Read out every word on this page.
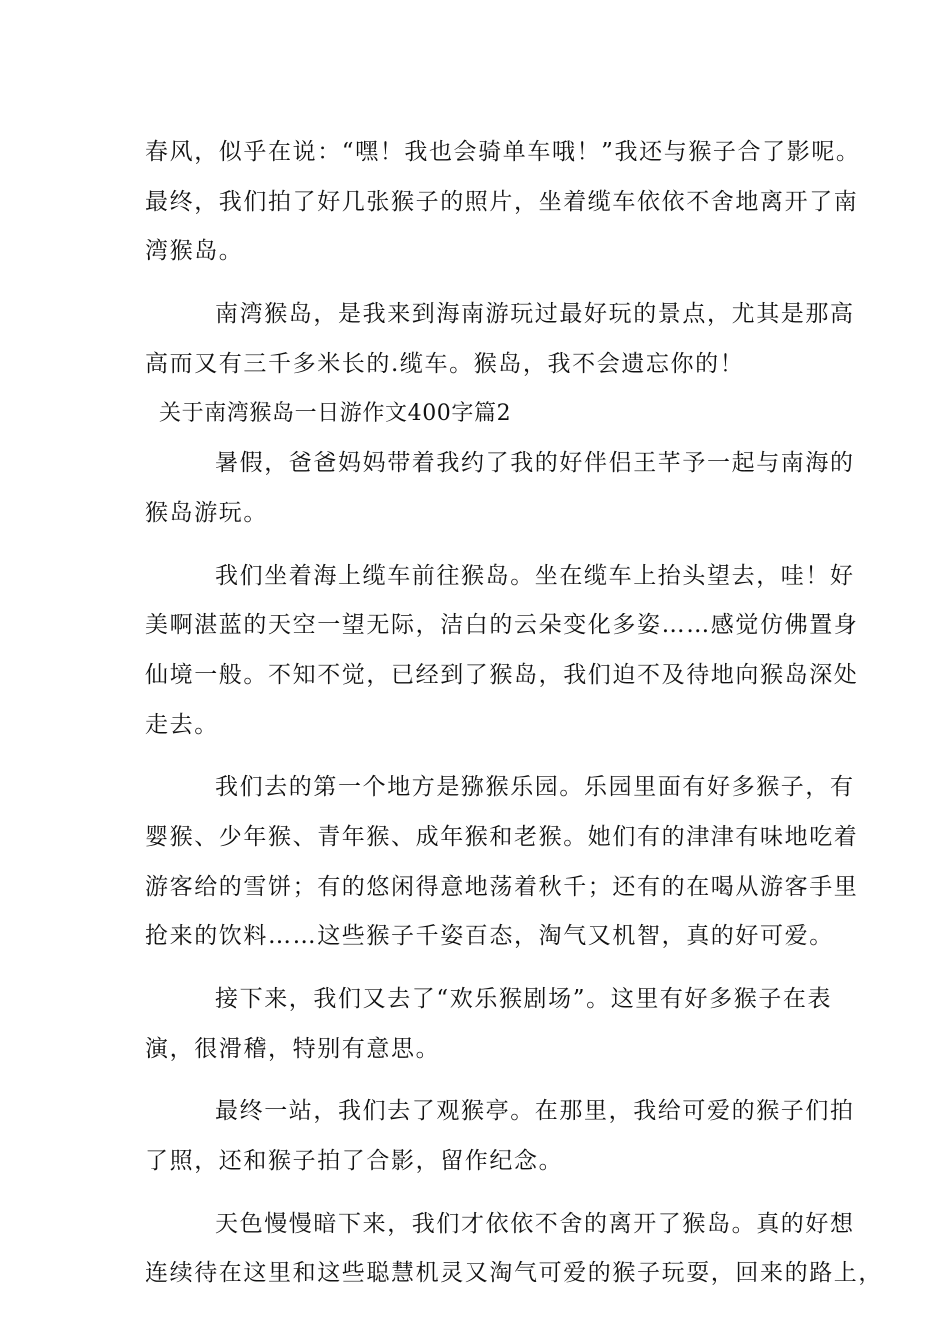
春风，似乎在说：“嘿！我也会骑单车哦！”我还与猴子合了影呢。
最终，我们拍了好几张猴子的照片，坐着缆车依依不舍地离开了南
湾猴岛。
南湾猴岛，是我来到海南游玩过最好玩的景点，尤其是那高
高而又有三千多米长的.缆车。猴岛，我不会遗忘你的！
关于南湾猴岛一日游作文400字篇2
暑假，爸爸妈妈带着我约了我的好伴侣王芊予一起与南海的
猴岛游玩。
我们坐着海上缆车前往猴岛。坐在缆车上抬头望去，哇！好
美啊湛蓝的天空一望无际，洁白的云朵变化多姿……感觉仿佛置身
仙境一般。不知不觉，已经到了猴岛，我们迫不及待地向猴岛深处
走去。
我们去的第一个地方是猕猴乐园。乐园里面有好多猴子，有
婴猴、少年猴、青年猴、成年猴和老猴。她们有的津津有味地吃着
游客给的雪饼；有的悠闲得意地荡着秋千；还有的在喝从游客手里
抢来的饮料……这些猴子千姿百态，淘气又机智，真的好可爱。
接下来，我们又去了“欢乐猴剧场”。这里有好多猴子在表
演，很滑稽，特别有意思。
最终一站，我们去了观猴亭。在那里，我给可爱的猴子们拍
了照，还和猴子拍了合影，留作纪念。
天色慢慢暗下来，我们才依依不舍的离开了猴岛。真的好想
连续待在这里和这些聪慧机灵又淘气可爱的猴子玩耍，回来的路上，
